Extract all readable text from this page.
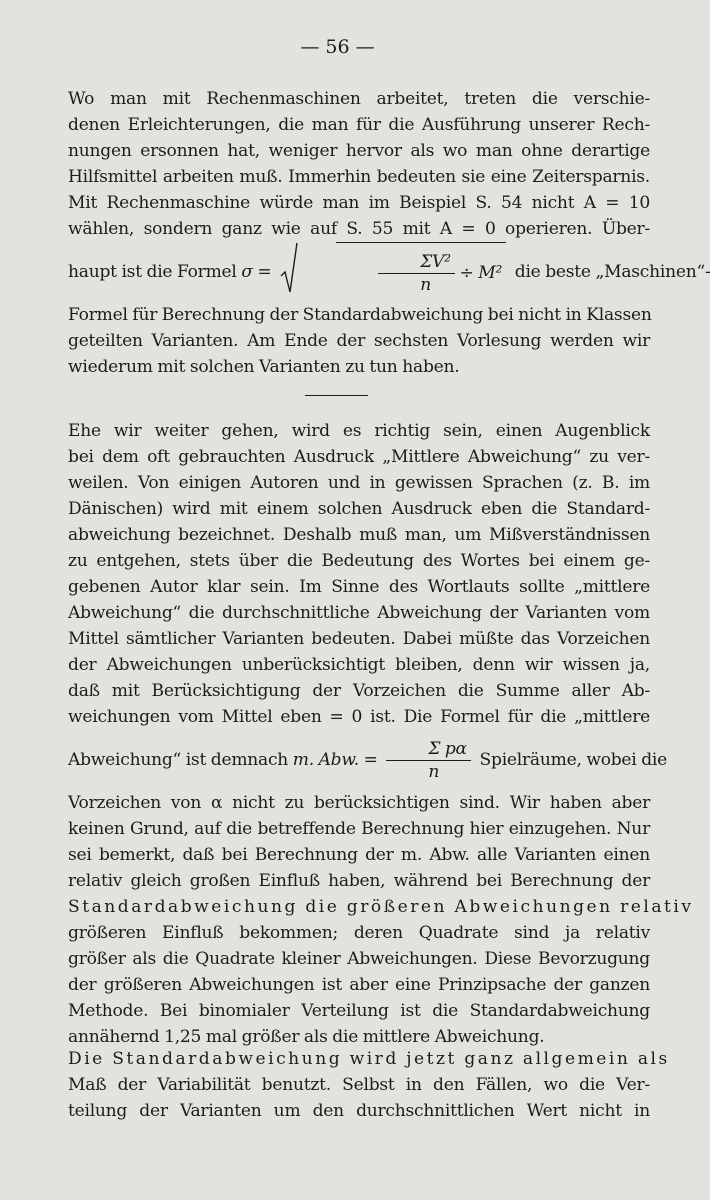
— 56 —

Wo man mit Rechenmaschinen arbeitet, treten die verschie-
denen Erleichterungen, die man für die Ausführung unserer Rech-
nungen ersonnen hat, weniger hervor als wo man ohne derartige
Hilfsmittel arbeiten muß. Immerhin bedeuten sie eine Zeitersparnis.
Mit Rechenmaschine würde man im Beispiel S. 54 nicht A = 10
wählen, sondern ganz wie auf S. 55 mit A = 0 operieren. Über-
haupt ist die Formel σ =	$\frac{\text{ΣV²}}{n} \div M^2$ die beste „Maschinen“-
Formel für Berechnung der Standardabweichung bei nicht in Klassen
geteilten Varianten. Am Ende der sechsten Vorlesung werden wir
wiederum mit solchen Varianten zu tun haben.

Ehe wir weiter gehen, wird es richtig sein, einen Augenblick
bei dem oft gebrauchten Ausdruck „Mittlere Abweichung“ zu ver-
weilen. Von einigen Autoren und in gewissen Sprachen (z. B. im
Dänischen) wird mit einem solchen Ausdruck eben die Standard-
abweichung bezeichnet. Deshalb muß man, um Mißverständnissen
zu entgehen, stets über die Bedeutung des Wortes bei einem ge-
gebenen Autor klar sein. Im Sinne des Wortlauts sollte „mittlere
Abweichung“ die durchschnittliche Abweichung der Varianten vom
Mittel sämtlicher Varianten bedeuten. Dabei müßte das Vorzeichen
der Abweichungen unberücksichtigt bleiben, denn wir wissen ja,
daß mit Berücksichtigung der Vorzeichen die Summe aller Ab-
weichungen vom Mittel eben = 0 ist. Die Formel für die „mittlere
Abweichung“ ist demnach m. Abw. = $\frac{\text{Σ pα}}{n}$ Spielräume, wobei die
Vorzeichen von α nicht zu berücksichtigen sind. Wir haben aber
keinen Grund, auf die betreffende Berechnung hier einzugehen. Nur
sei bemerkt, daß bei Berechnung der m. Abw. alle Varianten einen
relativ gleich großen Einfluß haben, während bei Berechnung der
Standardabweichung die größeren Abweichungen relativ
größeren Einfluß bekommen; deren Quadrate sind ja relativ
größer als die Quadrate kleiner Abweichungen. Diese Bevorzugung
der größeren Abweichungen ist aber eine Prinzipsache der ganzen
Methode. Bei binomialer Verteilung ist die Standardabweichung
annähernd 1,25 mal größer als die mittlere Abweichung.

Die Standardabweichung wird jetzt ganz allgemein als
Maß der Variabilität benutzt. Selbst in den Fällen, wo die Ver-
teilung der Varianten um den durchschnittlichen Wert nicht in
